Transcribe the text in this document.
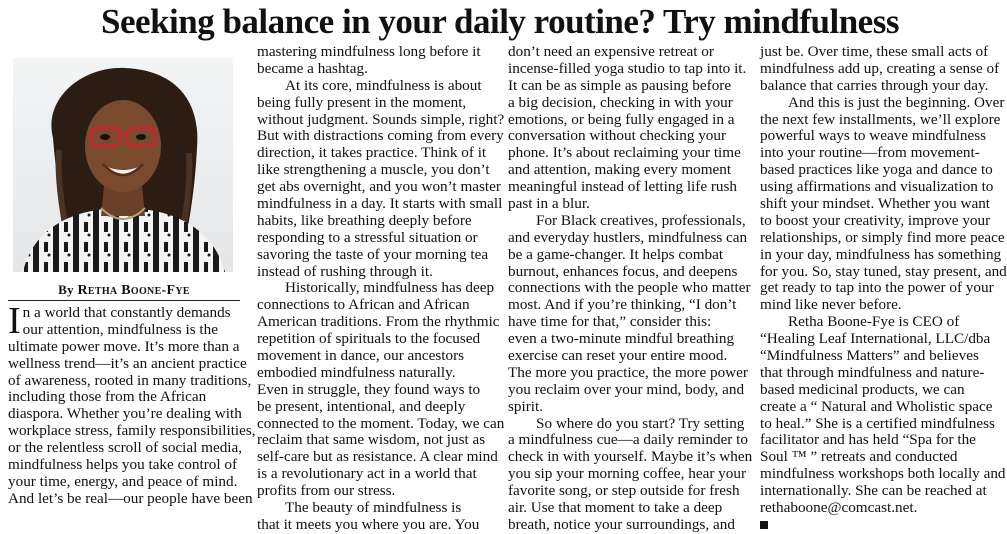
Seeking balance in your daily routine? Try mindfulness
By Retha Boone-Fye
I n a world that constantly demands
our attention, mindfulness is the
ultimate power move. It’s more than a
wellness trend—it’s an ancient practice
of awareness, rooted in many traditions,
including those from the African
diaspora. Whether you’re dealing with
workplace stress, family responsibilities,
or the relentless scroll of social media,
mindfulness helps you take control of
your time, energy, and peace of mind.
And let’s be real—our people have been
mastering mindfulness long before it
became a hashtag.
At its core, mindfulness is about
being fully present in the moment,
without judgment. Sounds simple, right?
But with distractions coming from every
direction, it takes practice. Think of it
like strengthening a muscle, you don’t
get abs overnight, and you won’t master
mindfulness in a day. It starts with small
habits, like breathing deeply before
responding to a stressful situation or
savoring the taste of your morning tea
instead of rushing through it.
Historically, mindfulness has deep
connections to African and African
American traditions. From the rhythmic
repetition of spirituals to the focused
movement in dance, our ancestors
embodied mindfulness naturally.
Even in struggle, they found ways to
be present, intentional, and deeply
connected to the moment. Today, we can
reclaim that same wisdom, not just as
self-care but as resistance. A clear mind
is a revolutionary act in a world that
profits from our stress.
The beauty of mindfulness is
that it meets you where you are. You
don’t need an expensive retreat or
incense-filled yoga studio to tap into it.
It can be as simple as pausing before
a big decision, checking in with your
emotions, or being fully engaged in a
conversation without checking your
phone. It’s about reclaiming your time
and attention, making every moment
meaningful instead of letting life rush
past in a blur.
For Black creatives, professionals,
and everyday hustlers, mindfulness can
be a game-changer. It helps combat
burnout, enhances focus, and deepens
connections with the people who matter
most. And if you’re thinking, “I don’t
have time for that,” consider this:
even a two-minute mindful breathing
exercise can reset your entire mood.
The more you practice, the more power
you reclaim over your mind, body, and
spirit.
So where do you start? Try setting
a mindfulness cue—a daily reminder to
check in with yourself. Maybe it’s when
you sip your morning coffee, hear your
favorite song, or step outside for fresh
air. Use that moment to take a deep
breath, notice your surroundings, and
just be. Over time, these small acts of
mindfulness add up, creating a sense of
balance that carries through your day.
And this is just the beginning. Over
the next few installments, we’ll explore
powerful ways to weave mindfulness
into your routine—from movement-
based practices like yoga and dance to
using affirmations and visualization to
shift your mindset. Whether you want
to boost your creativity, improve your
relationships, or simply find more peace
in your day, mindfulness has something
for you. So, stay tuned, stay present, and
get ready to tap into the power of your
mind like never before.
Retha Boone-Fye is CEO of
“Healing Leaf International, LLC/dba
“Mindfulness Matters” and believes
that through mindfulness and nature-
based medicinal products, we can
create a “ Natural and Wholistic space
to heal.” She is a certified mindfulness
facilitator and has held “Spa for the
Soul ™ ” retreats and conducted
mindfulness workshops both locally and
internationally. She can be reached at
rethaboone@comcast.net.
